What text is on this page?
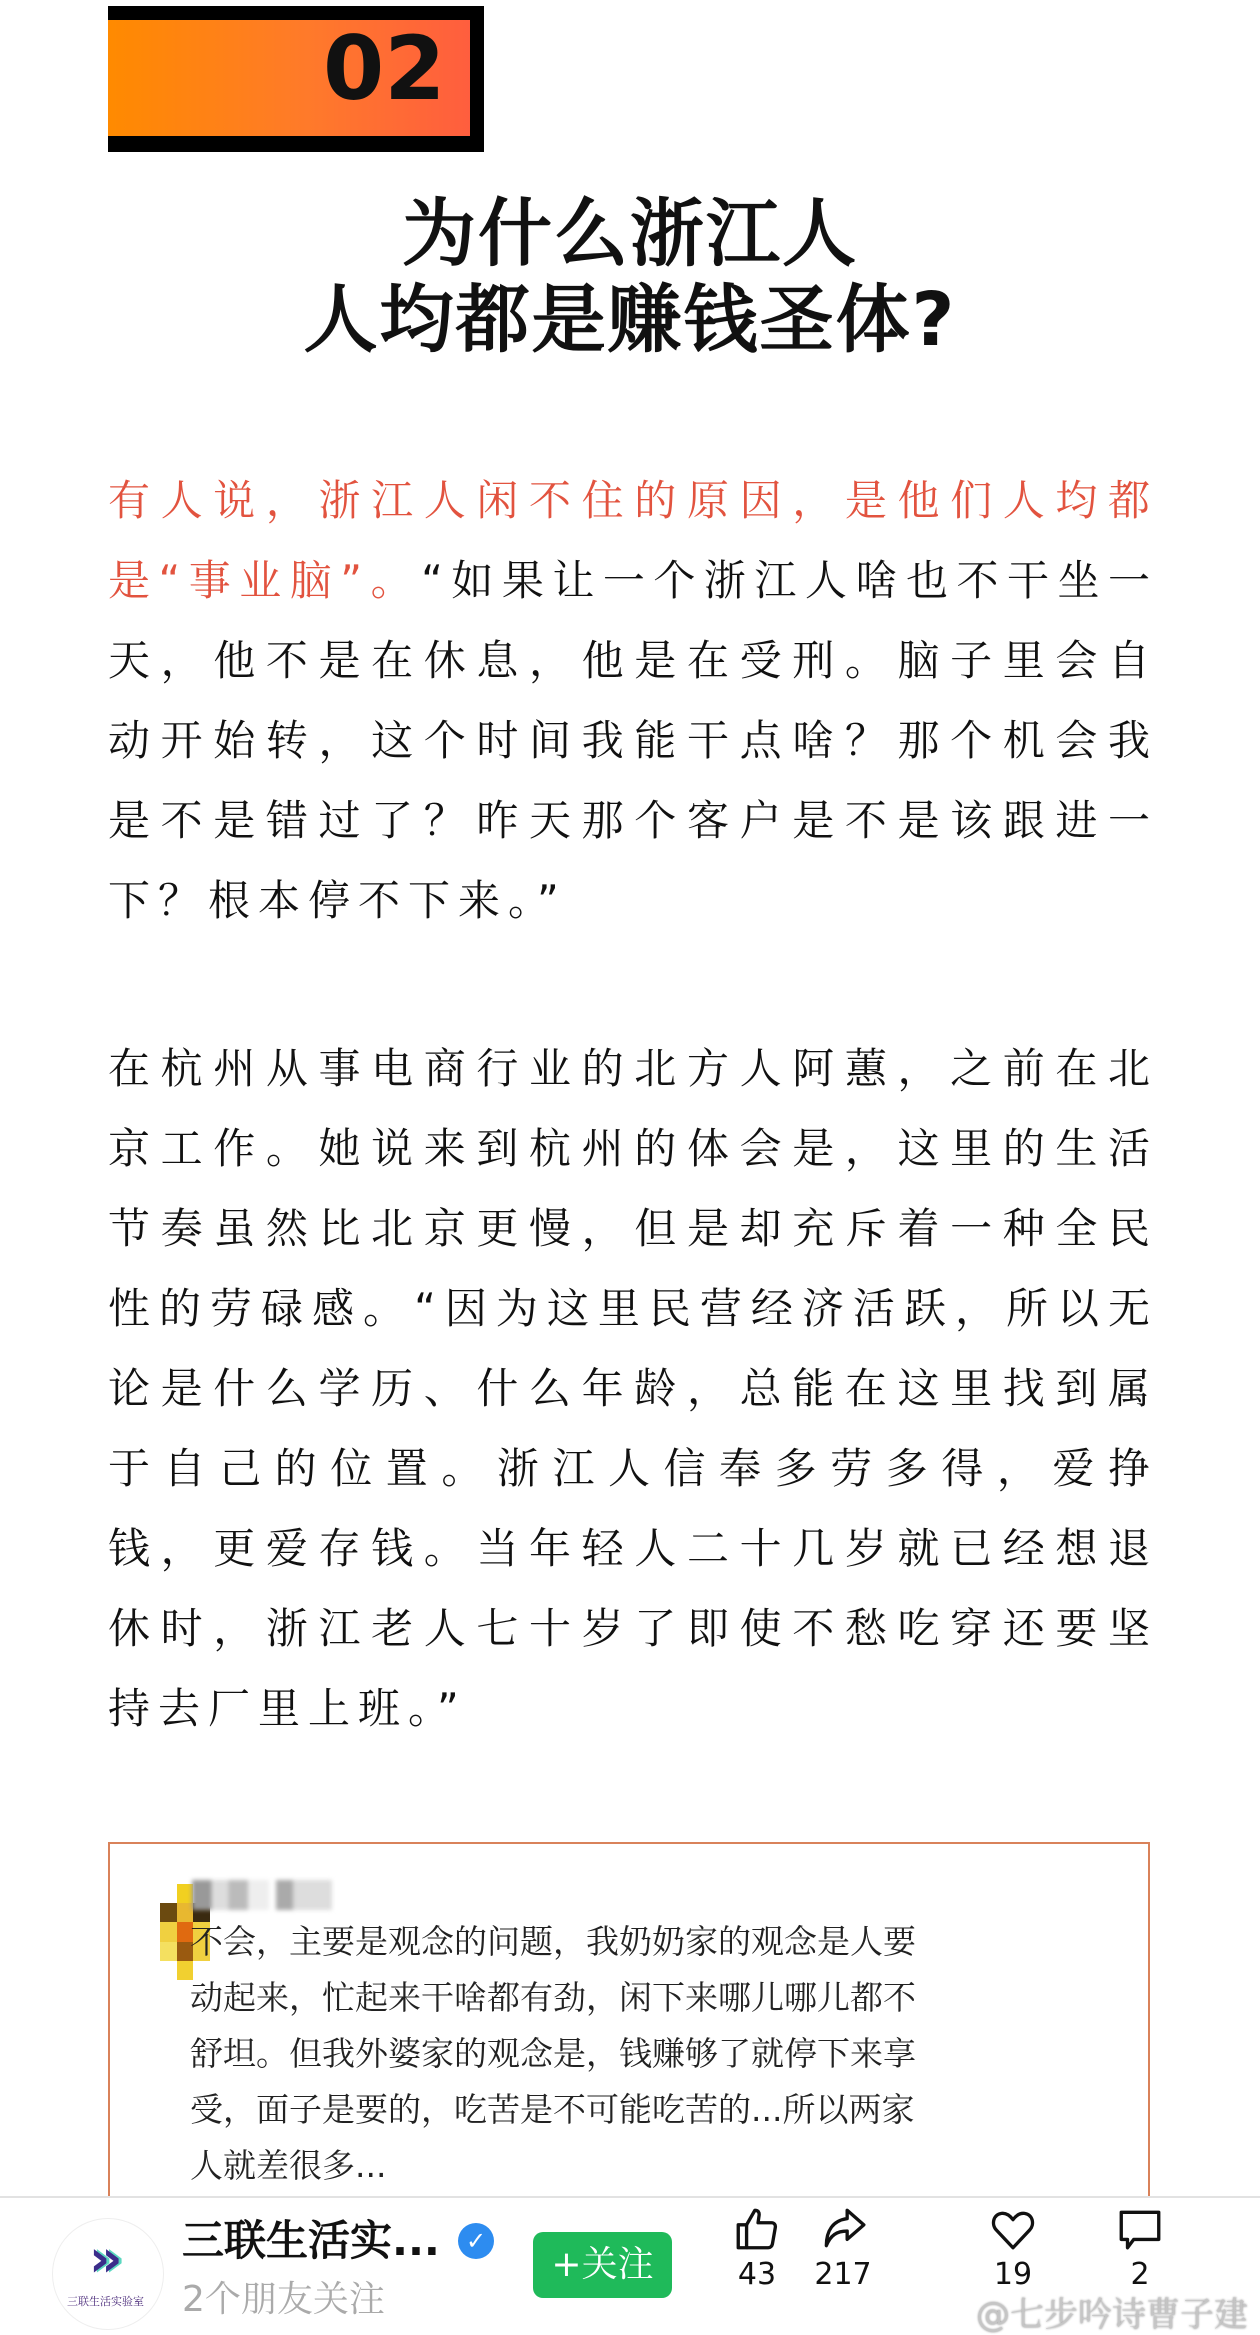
02
为什么浙江人
人均都是赚钱圣体?
有人说，浙江人闲不住的原因，是他们人均都
是“事业脑”。“如果让一个浙江人啥也不干坐一
天，他不是在休息，他是在受刑。脑子里会自
动开始转，这个时间我能干点啥？那个机会我
是不是错过了？昨天那个客户是不是该跟进一
下？根本停不下来。”
在杭州从事电商行业的北方人阿蕙，之前在北
京工作。她说来到杭州的体会是，这里的生活
节奏虽然比北京更慢，但是却充斥着一种全民
性的劳碌感。“因为这里民营经济活跃，所以无
论是什么学历、什么年龄，总能在这里找到属
于自己的位置。浙江人信奉多劳多得，爱挣
钱，更爱存钱。当年轻人二十几岁就已经想退
休时，浙江老人七十岁了即使不愁吃穿还要坚
持去厂里上班。”
不会，主要是观念的问题，我奶奶家的观念是人要
动起来，忙起来干啥都有劲，闲下来哪儿哪儿都不
舒坦。但我外婆家的观念是，钱赚够了就停下来享
受，面子是要的，吃苦是不可能吃苦的...所以两家
人就差很多...
»
三联生活实验室
三联生活实...	✓
2个朋友关注
+关注	43	217	19	2
@七步吟诗曹子建
